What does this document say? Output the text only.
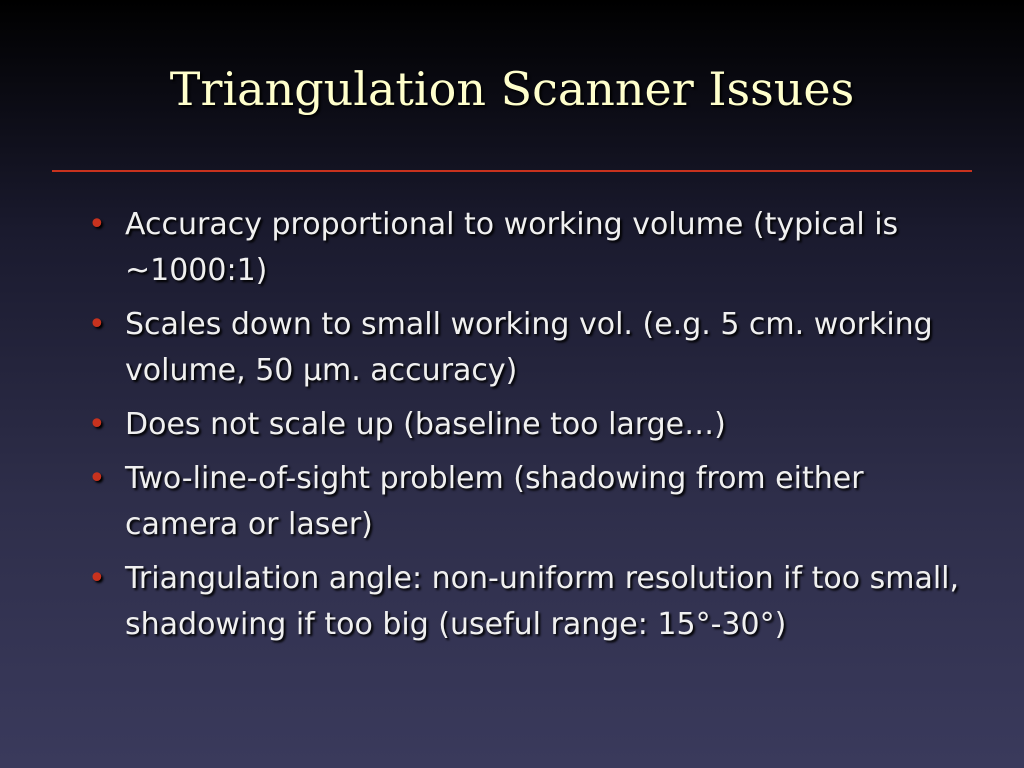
Triangulation Scanner Issues
• Accuracy proportional to working volume (typical is ~1000:1)
• Scales down to small working vol. (e.g. 5 cm. working volume, 50 µm. accuracy)
• Does not scale up (baseline too large…)
• Two-line-of-sight problem (shadowing from either camera or laser)
• Triangulation angle: non-uniform resolution if too small, shadowing if too big (useful range: 15°-30°)
